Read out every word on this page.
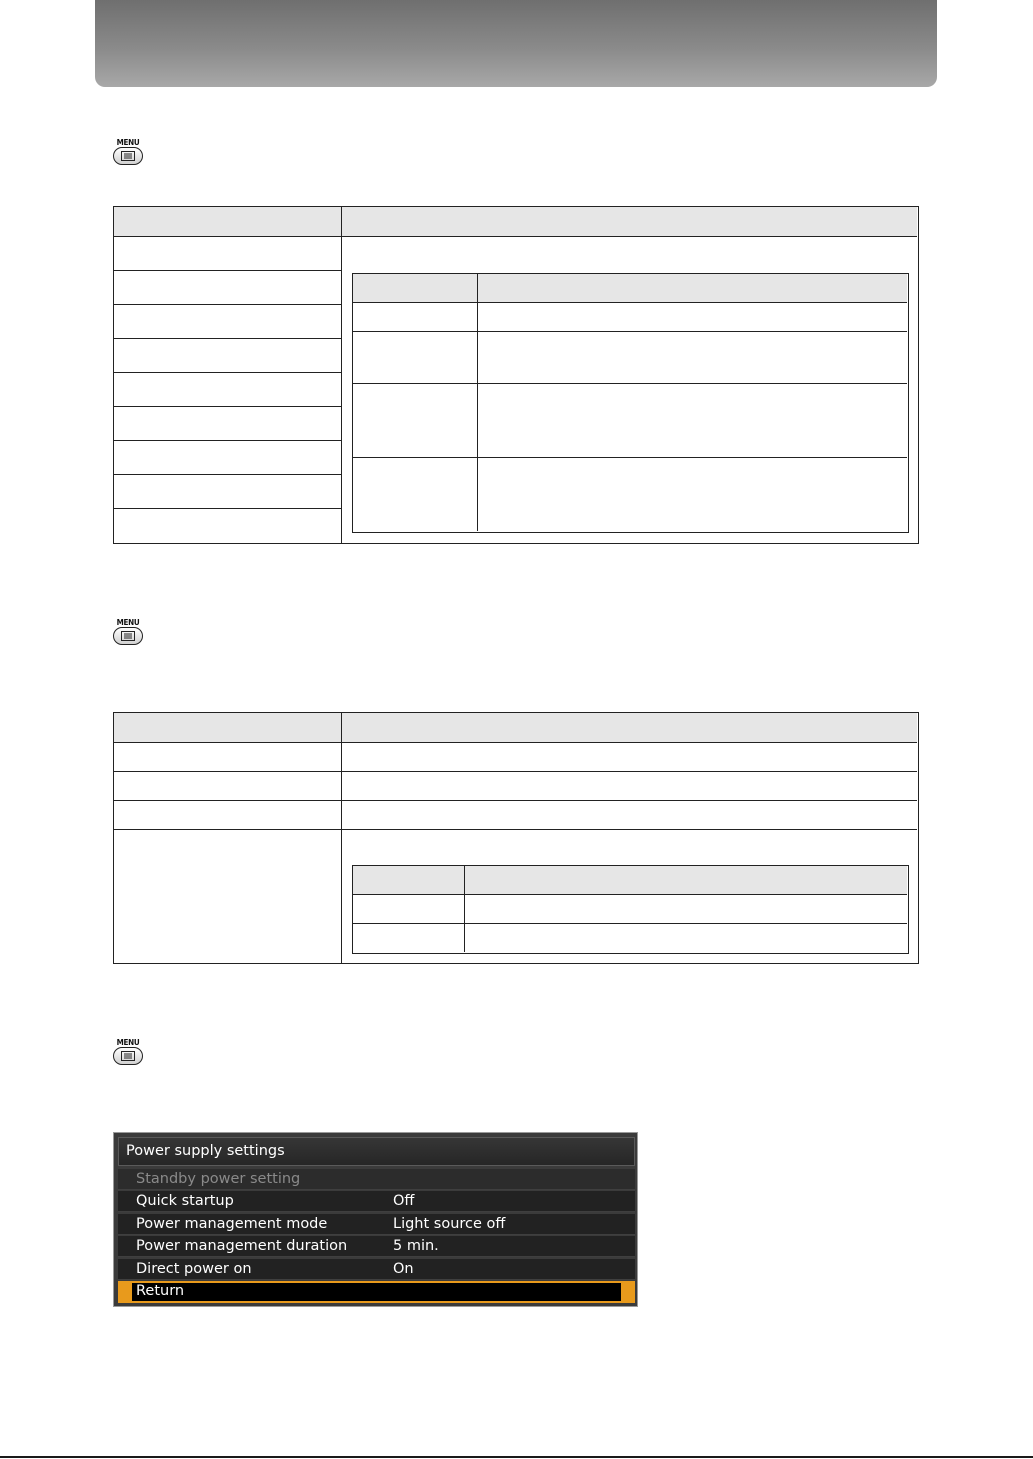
MENU
MENU
MENU
Power supply settings
Standby power setting
Quick startup	Off
Power management mode	Light source off
Power management duration	5 min.
Direct power on	On
Return
